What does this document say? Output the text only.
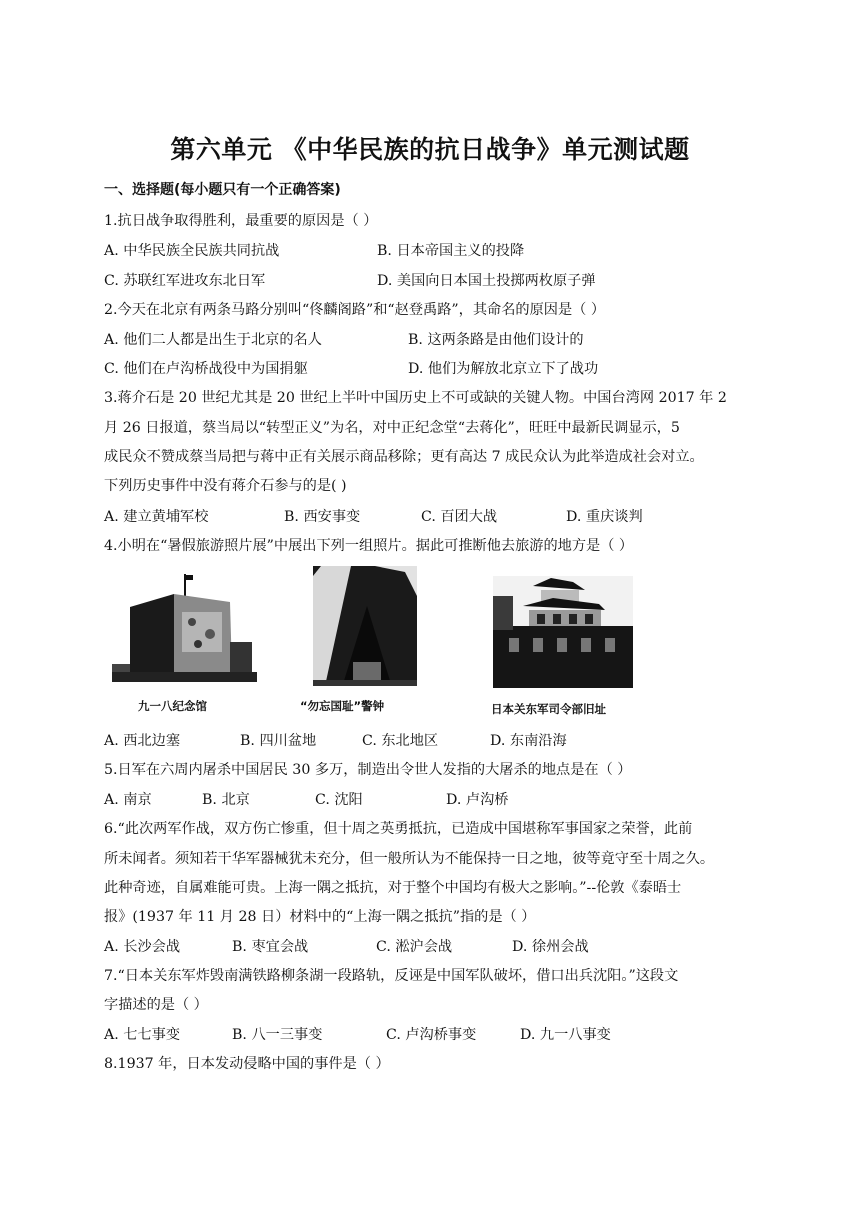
第六单元 《中华民族的抗日战争》单元测试题
一、选择题(每小题只有一个正确答案)
1.抗日战争取得胜利，最重要的原因是（ ）
A. 中华民族全民族共同抗战	B. 日本帝国主义的投降
C. 苏联红军进攻东北日军	D. 美国向日本国土投掷两枚原子弹
2.今天在北京有两条马路分别叫“佟麟阁路”和“赵登禹路”，其命名的原因是（ ）
A. 他们二人都是出生于北京的名人	B. 这两条路是由他们设计的
C. 他们在卢沟桥战役中为国捐躯	D. 他们为解放北京立下了战功
3.蒋介石是 20 世纪尤其是 20 世纪上半叶中国历史上不可或缺的关键人物。中国台湾网 2017 年 2
月 26 日报道，蔡当局以“转型正义”为名，对中正纪念堂“去蒋化”，旺旺中最新民调显示，5
成民众不赞成蔡当局把与蒋中正有关展示商品移除；更有高达 7 成民众认为此举造成社会对立。
下列历史事件中没有蒋介石参与的是( )
A. 建立黄埔军校	B. 西安事变	C. 百团大战	D. 重庆谈判
4.小明在“暑假旅游照片展”中展出下列一组照片。据此可推断他去旅游的地方是（ ）
九一八纪念馆	“勿忘国耻”警钟	日本关东军司令部旧址
A. 西北边塞	B. 四川盆地	C. 东北地区	D. 东南沿海
5.日军在六周内屠杀中国居民 30 多万，制造出令世人发指的大屠杀的地点是在（ ）
A. 南京	B. 北京	C. 沈阳	D. 卢沟桥
6.“此次两军作战，双方伤亡惨重，但十周之英勇抵抗，已造成中国堪称军事国家之荣誉，此前
所未闻者。须知若干华军器械犹未充分，但一般所认为不能保持一日之地，彼等竟守至十周之久。
此种奇迹，自属难能可贵。上海一隅之抵抗，对于整个中国均有极大之影响。”--伦敦《泰晤士
报》(1937 年 11 月 28 日）材料中的“上海一隅之抵抗”指的是（ ）
A. 长沙会战	B. 枣宜会战	C. 淞沪会战	D. 徐州会战
7.“日本关东军炸毁南满铁路柳条湖一段路轨，反诬是中国军队破坏，借口出兵沈阳。”这段文
字描述的是（ ）
A. 七七事变	B. 八一三事变	C. 卢沟桥事变	D. 九一八事变
8.1937 年，日本发动侵略中国的事件是（ ）
